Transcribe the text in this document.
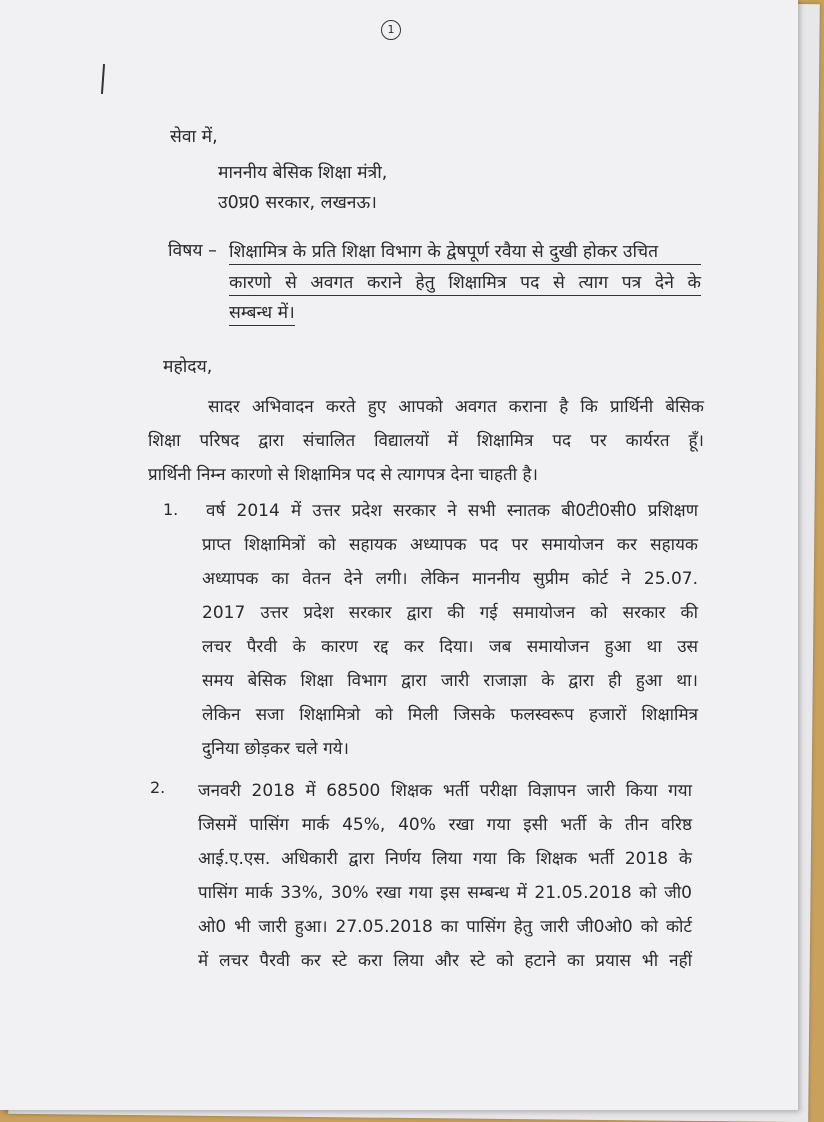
1
सेवा में,
माननीय बेसिक शिक्षा मंत्री,
उ0प्र0 सरकार, लखनऊ।
विषय – शिक्षामित्र के प्रति शिक्षा विभाग के द्वेषपूर्ण रवैया से दुखी होकर उचित
कारणो से अवगत कराने हेतु शिक्षामित्र पद से त्याग पत्र देने के
सम्बन्ध में।
महोदय,
सादर अभिवादन करते हुए आपको अवगत कराना है कि प्रार्थिनी बेसिक
शिक्षा परिषद द्वारा संचालित विद्यालयों में शिक्षामित्र पद पर कार्यरत हूँ।
प्रार्थिनी निम्न कारणो से शिक्षामित्र पद से त्यागपत्र देना चाहती है।
1. वर्ष 2014 में उत्तर प्रदेश सरकार ने सभी स्नातक बी0टी0सी0 प्रशिक्षण
प्राप्त शिक्षामित्रों को सहायक अध्यापक पद पर समायोजन कर सहायक
अध्यापक का वेतन देने लगी। लेकिन माननीय सुप्रीम कोर्ट ने 25.07.
2017 उत्तर प्रदेश सरकार द्वारा की गई समायोजन को सरकार की
लचर पैरवी के कारण रद्द कर दिया। जब समायोजन हुआ था उस
समय बेसिक शिक्षा विभाग द्वारा जारी राजाज्ञा के द्वारा ही हुआ था।
लेकिन सजा शिक्षामित्रो को मिली जिसके फलस्वरूप हजारों शिक्षामित्र
दुनिया छोड़कर चले गये।
2. जनवरी 2018 में 68500 शिक्षक भर्ती परीक्षा विज्ञापन जारी किया गया
जिसमें पासिंग मार्क 45%, 40% रखा गया इसी भर्ती के तीन वरिष्ठ
आई.ए.एस. अधिकारी द्वारा निर्णय लिया गया कि शिक्षक भर्ती 2018 के
पासिंग मार्क 33%, 30% रखा गया इस सम्बन्ध में 21.05.2018 को जी0
ओ0 भी जारी हुआ। 27.05.2018 का पासिंग हेतु जारी जी0ओ0 को कोर्ट
में लचर पैरवी कर स्टे करा लिया और स्टे को हटाने का प्रयास भी नहीं
